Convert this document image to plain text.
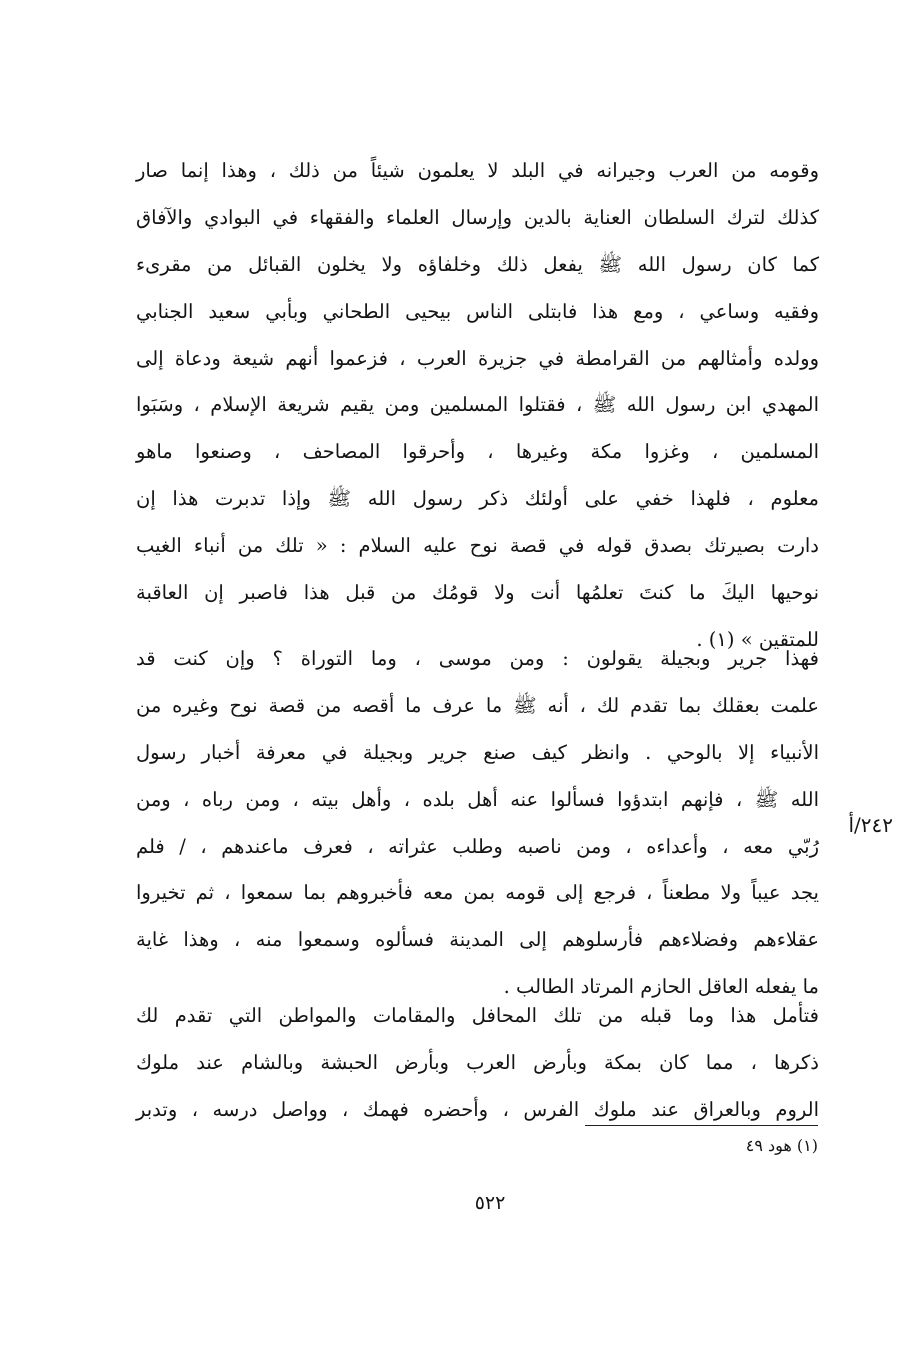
وقومه من العرب وجيرانه في البلد لا يعلمون شيئاً من ذلك ، وهذا إنما صار
كذلك لترك السلطان العناية بالدين وإرسال العلماء والفقهاء في البوادي والآفاق
كما كان رسول الله ﷺ يفعل ذلك وخلفاؤه ولا يخلون القبائل من مقرىء
وفقيه وساعي ، ومع هذا فابتلى الناس بيحيى الطحاني وبأبي سعيد الجنابي
وولده وأمثالهم من القرامطة في جزيرة العرب ، فزعموا أنهم شيعة ودعاة إلى
المهدي ابن رسول الله ﷺ ، فقتلوا المسلمين ومن يقيم شريعة الإسلام ، وسَبَوا
المسلمين ، وغزوا مكة وغيرها ، وأحرقوا المصاحف ، وصنعوا ماهو
معلوم ، فلهذا خفي على أولئك ذكر رسول الله ﷺ وإذا تدبرت هذا إن
دارت بصيرتك بصدق قوله في قصة نوح عليه السلام : « تلك من أنباء الغيب
نوحيها اليكَ ما كنتَ تعلمُها أنت ولا قومُك من قبل هذا فاصبر إن العاقبة
للمتقين » (١) .
فهذا جرير وبجيلة يقولون : ومن موسى ، وما التوراة ؟ وإن كنت قد
علمت بعقلك بما تقدم لك ، أنه ﷺ ما عرف ما أقصه من قصة نوح وغيره من
الأنبياء إلا بالوحي . وانظر كيف صنع جرير وبجيلة في معرفة أخبار رسول
الله ﷺ ، فإنهم ابتدؤوا فسألوا عنه أهل بلده ، وأهل بيته ، ومن رباه ، ومن
رُبّي معه ، وأعداءه ، ومن ناصبه وطلب عثراته ، فعرف ماعندهم ، / فلم
يجد عيباً ولا مطعناً ، فرجع إلى قومه بمن معه فأخبروهم بما سمعوا ، ثم تخيروا
عقلاءهم وفضلاءهم فأرسلوهم إلى المدينة فسألوه وسمعوا منه ، وهذا غاية
ما يفعله العاقل الحازم المرتاد الطالب .
٢٤٢/أ
فتأمل هذا وما قبله من تلك المحافل والمقامات والمواطن التي تقدم لك
ذكرها ، مما كان بمكة وبأرض العرب وبأرض الحبشة وبالشام عند ملوك
الروم وبالعراق عند ملوك الفرس ، وأحضره فهمك ، وواصل درسه ، وتدبر
(١) هود ٤٩
٥٢٢
